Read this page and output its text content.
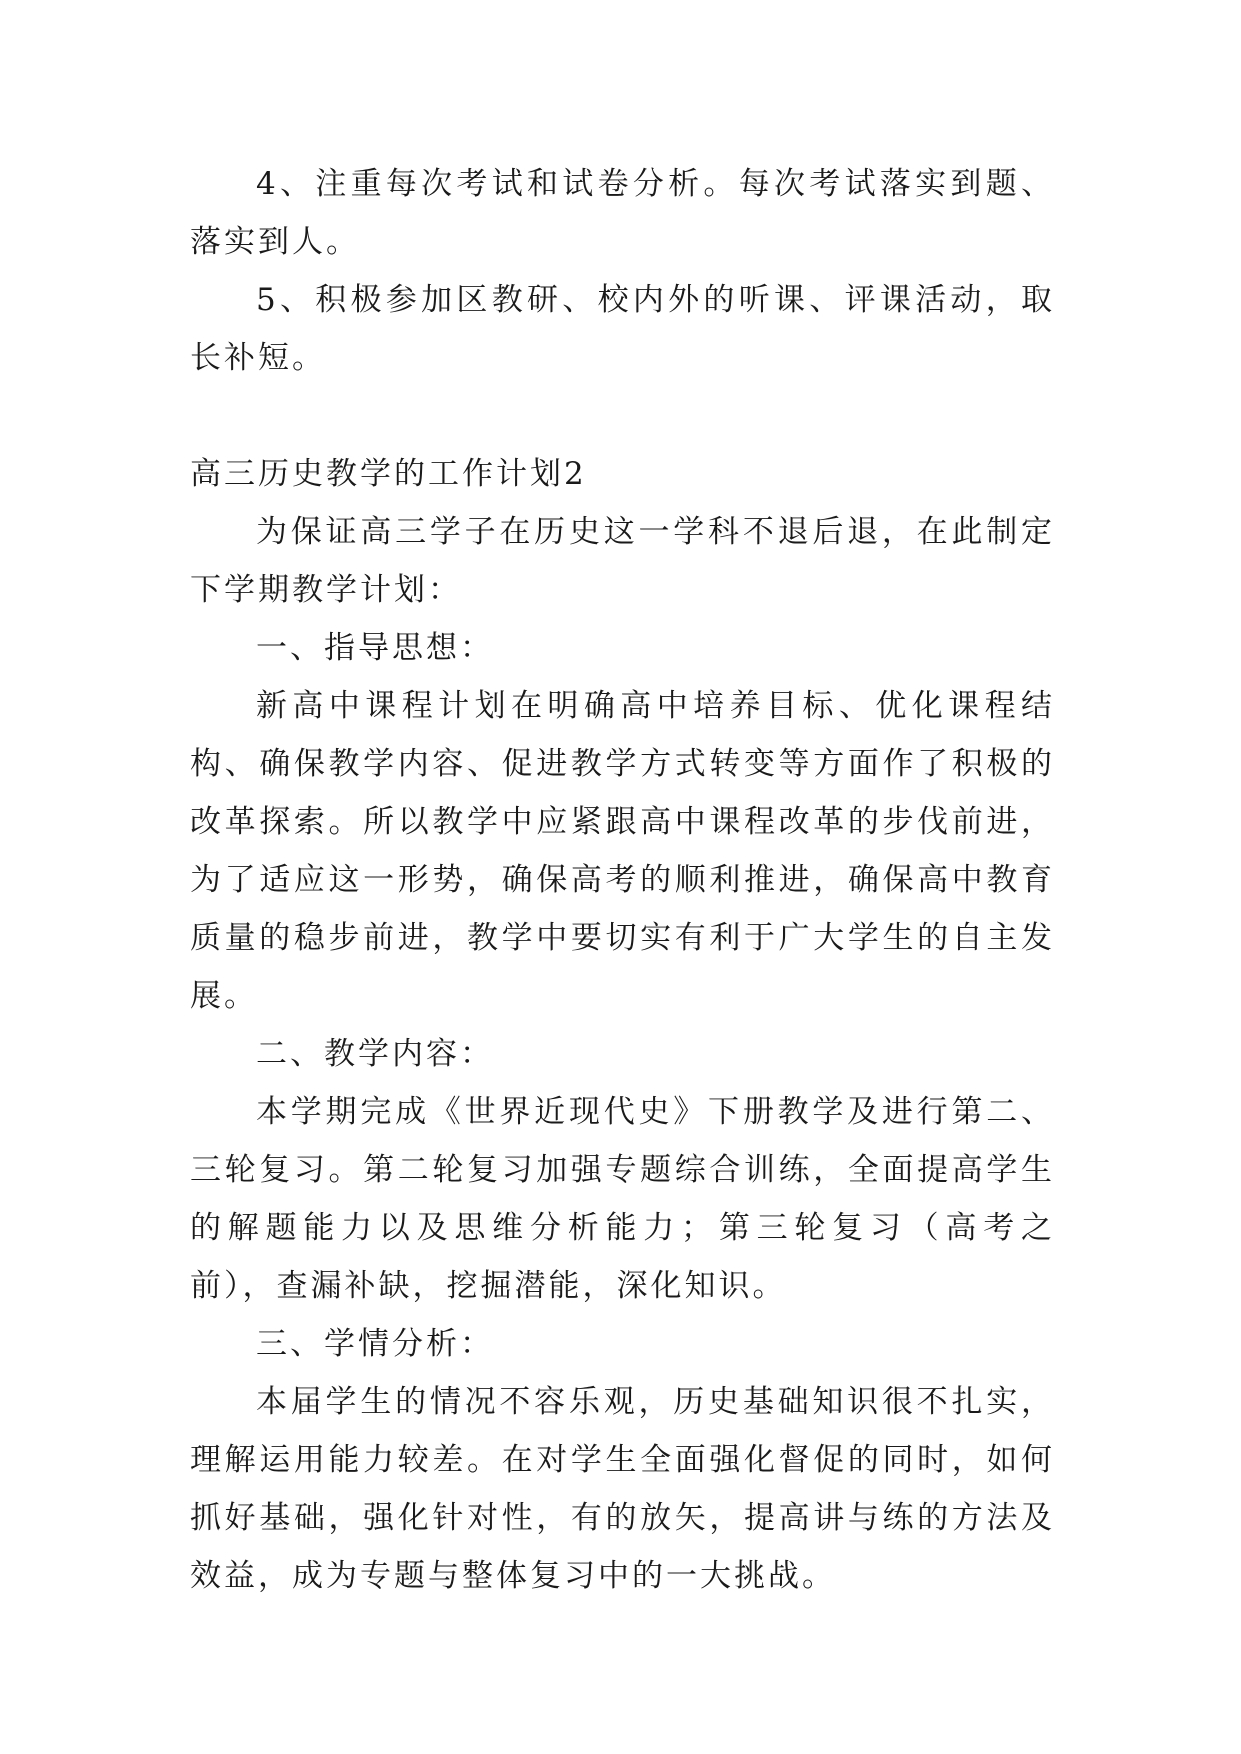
4、注重每次考试和试卷分析。每次考试落实到题、落实到人。

5、积极参加区教研、校内外的听课、评课活动，取长补短。

高三历史教学的工作计划2

为保证高三学子在历史这一学科不退后退，在此制定下学期教学计划：

一、指导思想：

新高中课程计划在明确高中培养目标、优化课程结构、确保教学内容、促进教学方式转变等方面作了积极的改革探索。所以教学中应紧跟高中课程改革的步伐前进，为了适应这一形势，确保高考的顺利推进，确保高中教育质量的稳步前进，教学中要切实有利于广大学生的自主发展。

二、教学内容：

本学期完成《世界近现代史》下册教学及进行第二、三轮复习。第二轮复习加强专题综合训练，全面提高学生的解题能力以及思维分析能力；第三轮复习（高考之前），查漏补缺，挖掘潜能，深化知识。

三、学情分析：

本届学生的情况不容乐观，历史基础知识很不扎实，理解运用能力较差。在对学生全面强化督促的同时，如何抓好基础，强化针对性，有的放矢，提高讲与练的方法及效益，成为专题与整体复习中的一大挑战。
